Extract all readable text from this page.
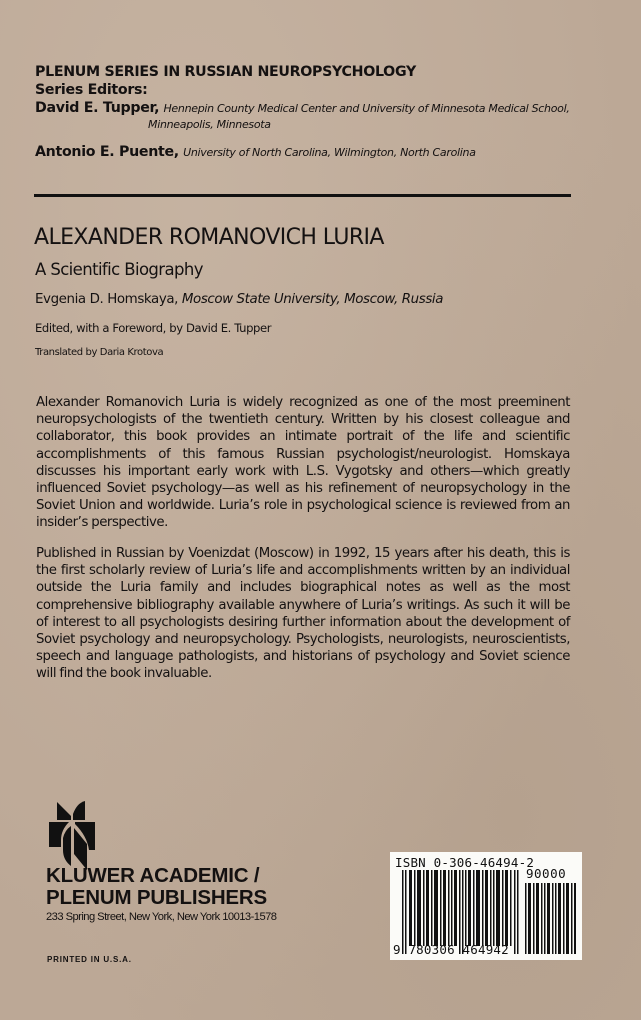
PLENUM SERIES IN RUSSIAN NEUROPSYCHOLOGY
Series Editors:
David E. Tupper, Hennepin County Medical Center and University of Minnesota Medical School,
Minneapolis, Minnesota
Antonio E. Puente, University of North Carolina, Wilmington, North Carolina
ALEXANDER ROMANOVICH LURIA
A Scientific Biography
Evgenia D. Homskaya, Moscow State University, Moscow, Russia
Edited, with a Foreword, by David E. Tupper
Translated by Daria Krotova
Alexander Romanovich Luria is widely recognized as one of the most preeminent neuropsychologists of the twentieth century. Written by his closest colleague and collaborator, this book provides an intimate portrait of the life and scientific accomplishments of this famous Russian psychologist/neurologist. Homskaya discusses his important early work with L.S. Vygotsky and others—which greatly influenced Soviet psychology—as well as his refinement of neuropsychology in the Soviet Union and worldwide. Luria’s role in psychological science is reviewed from an insider’s perspective.
Published in Russian by Voenizdat (Moscow) in 1992, 15 years after his death, this is the first scholarly review of Luria’s life and accomplishments written by an individual outside the Luria family and includes biographical notes as well as the most comprehensive bibliography available anywhere of Luria’s writings. As such it will be of interest to all psychologists desiring further information about the development of Soviet psychology and neuropsychology. Psychologists, neurologists, neuroscientists, speech and language pathologists, and historians of psychology and Soviet science will find the book invaluable.
KLUWER ACADEMIC /
PLENUM PUBLISHERS
233 Spring Street, New York, New York 10013-1578
PRINTED IN U.S.A.
ISBN 0-306-46494-2
90000
9 780306 464942
